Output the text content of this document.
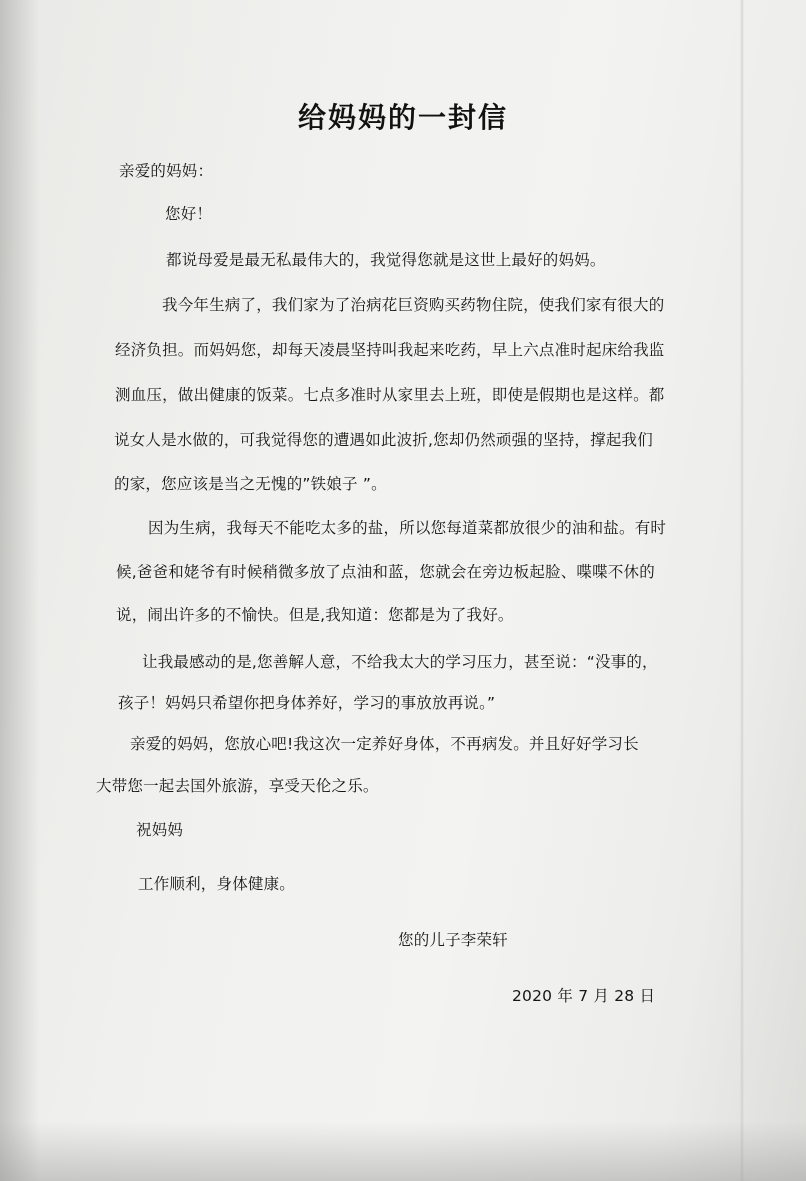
给妈妈的一封信
亲爱的妈妈：
您好！
都说母爱是最无私最伟大的，我觉得您就是这世上最好的妈妈。
我今年生病了，我们家为了治病花巨资购买药物住院，使我们家有很大的
经济负担。而妈妈您，却每天凌晨坚持叫我起来吃药，早上六点准时起床给我监
测血压，做出健康的饭菜。七点多准时从家里去上班，即使是假期也是这样。都
说女人是水做的，可我觉得您的遭遇如此波折,您却仍然顽强的坚持，撑起我们
的家，您应该是当之无愧的”铁娘子 ”。
因为生病，我每天不能吃太多的盐，所以您每道菜都放很少的油和盐。有时
候,爸爸和姥爷有时候稍微多放了点油和蓝，您就会在旁边板起脸、喋喋不休的
说，闹出许多的不愉快。但是,我知道：您都是为了我好。
让我最感动的是,您善解人意，不给我太大的学习压力，甚至说：“没事的，
孩子！妈妈只希望你把身体养好，学习的事放放再说。”
亲爱的妈妈，您放心吧!我这次一定养好身体，不再病发。并且好好学习长
大带您一起去国外旅游，享受天伦之乐。
祝妈妈
工作顺利，身体健康。
您的儿子李荣轩
2020 年 7 月 28 日
